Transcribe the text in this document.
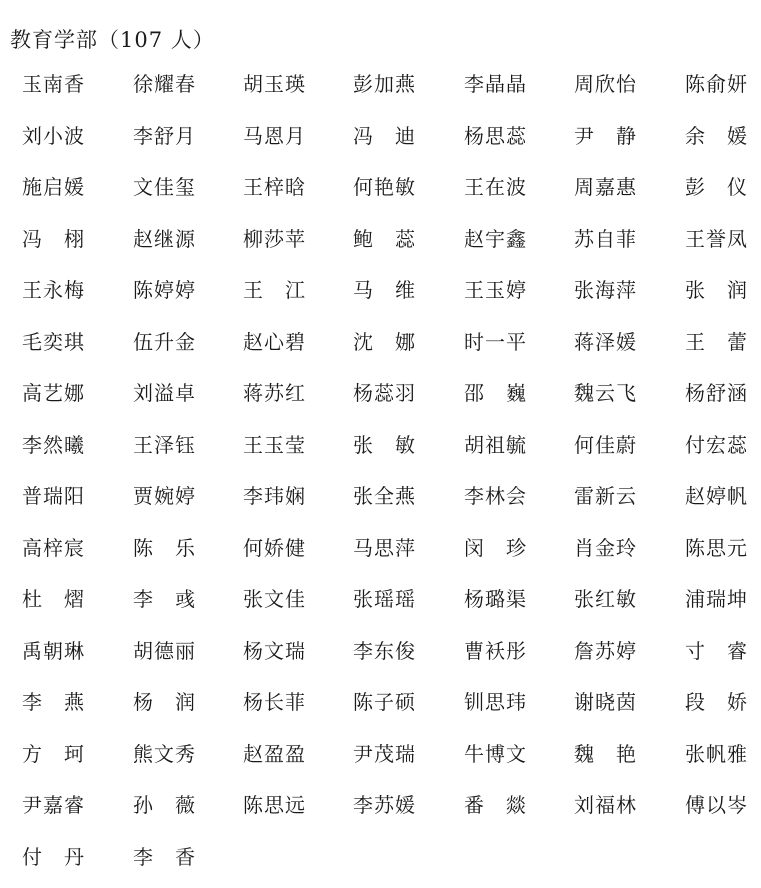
教育学部（107 人）
玉南香 徐耀春 胡玉瑛 彭加燕 李晶晶 周欣怡 陈俞妍
刘小波 李舒月 马恩月 冯　迪 杨思蕊 尹　静 余　媛
施启媛 文佳玺 王梓晗 何艳敏 王在波 周嘉惠 彭　仪
冯　栩 赵继源 柳莎苹 鲍　蕊 赵宇鑫 苏自菲 王誉凤
王永梅 陈婷婷 王　江 马　维 王玉婷 张海萍 张　润
毛奕琪 伍升金 赵心碧 沈　娜 时一平 蒋泽媛 王　蕾
高艺娜 刘溢卓 蒋苏红 杨蕊羽 邵　巍 魏云飞 杨舒涵
李然曦 王泽钰 王玉莹 张　敏 胡祖毓 何佳蔚 付宏蕊
普瑞阳 贾婉婷 李玮娴 张全燕 李林会 雷新云 赵婷帆
高梓宸 陈　乐 何娇健 马思萍 闵　珍 肖金玲 陈思元
杜　熠 李　彧 张文佳 张瑶瑶 杨璐渠 张红敏 浦瑞坤
禹朝琳 胡德丽 杨文瑞 李东俊 曹袄彤 詹苏婷 寸　睿
李　燕 杨　润 杨长菲 陈子硕 钏思玮 谢晓茵 段　娇
方　珂 熊文秀 赵盈盈 尹茂瑞 牛博文 魏　艳 张帆雅
尹嘉睿 孙　薇 陈思远 李苏媛 番　燚 刘福林 傅以岑
付　丹 李　香
